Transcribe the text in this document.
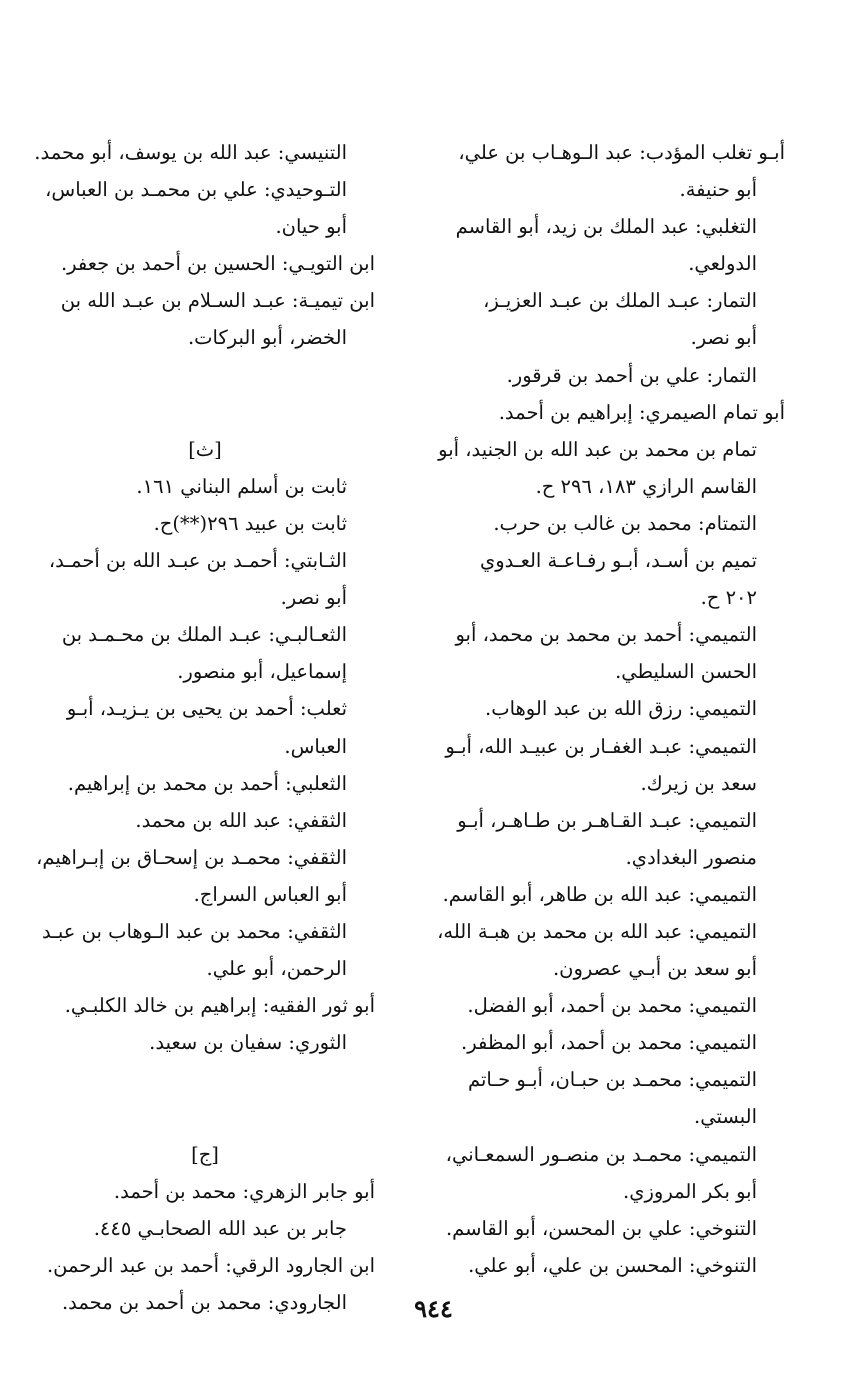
أبـو تغلب المؤدب: عبد الـوهـاب بن علي،
أبو حنيفة.
التغلبي: عبد الملك بن زيد، أبو القاسم
الدولعي.
التمار: عبـد الملك بن عبـد العزيـز،
أبو نصر.
التمار: علي بن أحمد بن قرقور.
أبو تمام الصيمري: إبراهيم بن أحمد.
تمام بن محمد بن عبد الله بن الجنيد، أبو
القاسم الرازي ١٨٣، ٢٩٦ ح.
التمتام: محمد بن غالب بن حرب.
تميم بن أسـد، أبـو رفـاعـة العـدوي
٢٠٢ ح.
التميمي: أحمد بن محمد بن محمد، أبو
الحسن السليطي.
التميمي: رزق الله بن عبد الوهاب.
التميمي: عبـد الغفـار بن عبيـد الله، أبـو
سعد بن زيرك.
التميمي: عبـد القـاهـر بن طـاهـر، أبـو
منصور البغدادي.
التميمي: عبد الله بن طاهر، أبو القاسم.
التميمي: عبد الله بن محمد بن هبـة الله،
أبو سعد بن أبـي عصرون.
التميمي: محمد بن أحمد، أبو الفضل.
التميمي: محمد بن أحمد، أبو المظفر.
التميمي: محمـد بن حبـان، أبـو حـاتم
البستي.
التميمي: محمـد بن منصـور السمعـاني،
أبو بكر المروزي.
التنوخي: علي بن المحسن، أبو القاسم.
التنوخي: المحسن بن علي، أبو علي.
التنيسي: عبد الله بن يوسف، أبو محمد.
التـوحيدي: علي بن محمـد بن العباس،
أبو حيان.
ابن التويـي: الحسين بن أحمد بن جعفر.
ابن تيميـة: عبـد السـلام بن عبـد الله بن
الخضر، أبو البركات.
[ث]
ثابت بن أسلم البناني ١٦١.
ثابت بن عبيد ٢٩٦(**)ح.
الثـابتي: أحمـد بن عبـد الله بن أحمـد،
أبو نصر.
الثعـالبـي: عبـد الملك بن محـمـد بن
إسماعيل، أبو منصور.
ثعلب: أحمد بن يحيى بن يـزيـد، أبـو
العباس.
الثعلبي: أحمد بن محمد بن إبراهيم.
الثقفي: عبد الله بن محمد.
الثقفي: محمـد بن إسحـاق بن إبـراهيم،
أبو العباس السراج.
الثقفي: محمد بن عبد الـوهاب بن عبـد
الرحمن، أبو علي.
أبو ثور الفقيه: إبراهيم بن خالد الكلبـي.
الثوري: سفيان بن سعيد.
[ج]
أبو جابر الزهري: محمد بن أحمد.
جابر بن عبد الله الصحابـي ٤٤٥.
ابن الجارود الرقي: أحمد بن عبد الرحمن.
الجارودي: محمد بن أحمد بن محمد.	٩٤٤
